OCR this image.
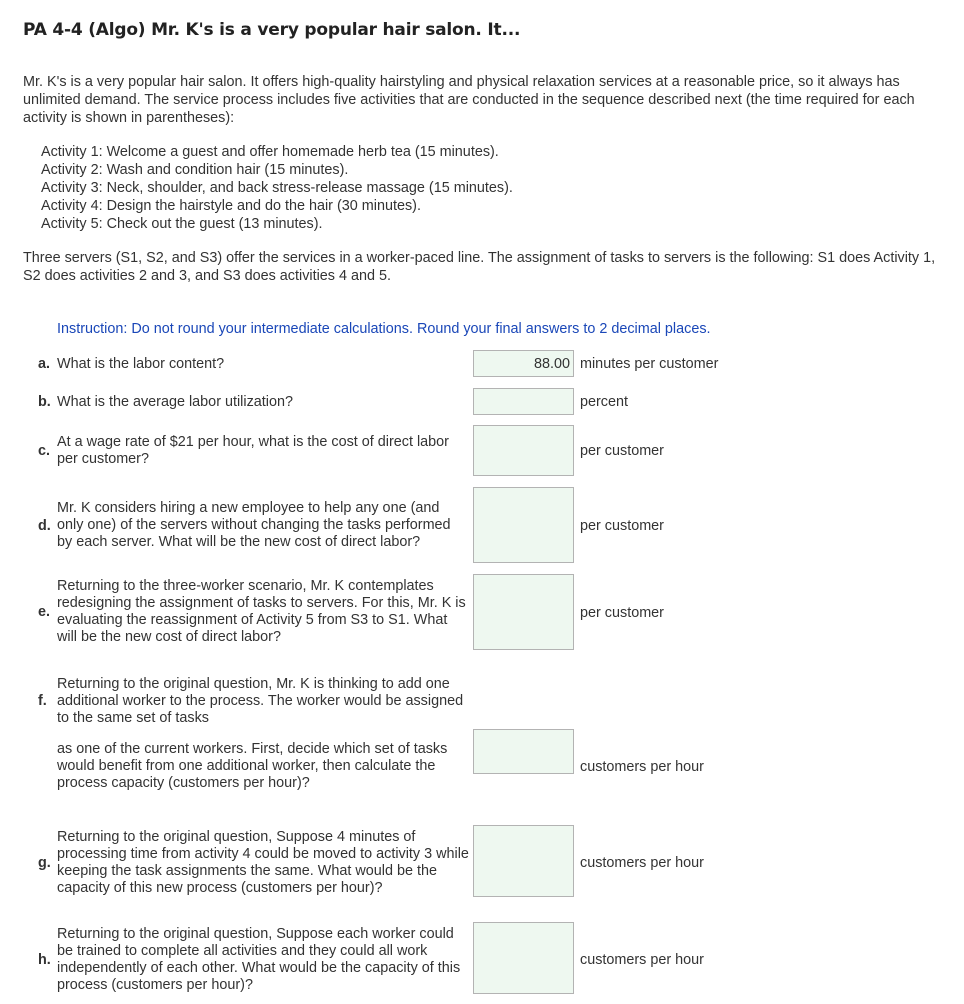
PA 4-4 (Algo) Mr. K's is a very popular hair salon. It...

Mr. K's is a very popular hair salon. It offers high-quality hairstyling and physical relaxation services at a reasonable price, so it always has unlimited demand. The service process includes five activities that are conducted in the sequence described next (the time required for each activity is shown in parentheses):

Activity 1: Welcome a guest and offer homemade herb tea (15 minutes).
Activity 2: Wash and condition hair (15 minutes).
Activity 3: Neck, shoulder, and back stress-release massage (15 minutes).
Activity 4: Design the hairstyle and do the hair (30 minutes).
Activity 5: Check out the guest (13 minutes).

Three servers (S1, S2, and S3) offer the services in a worker-paced line. The assignment of tasks to servers is the following: S1 does Activity 1, S2 does activities 2 and 3, and S3 does activities 4 and 5.

Instruction: Do not round your intermediate calculations. Round your final answers to 2 decimal places.
a. What is the labor content?
88.00	minutes per customer
b. What is the average labor utilization?	percent
c.
At a wage rate of $21 per hour, what is the cost of direct labor per customer?	per customer
d.
Mr. K considers hiring a new employee to help any one (and only one) of the servers without changing the tasks performed by each server. What will be the new cost of direct labor?
per customer
e.
Returning to the three-worker scenario, Mr. K contemplates redesigning the assignment of tasks to servers. For this, Mr. K is evaluating the reassignment of Activity 5 from S3 to S1. What will be the new cost of direct labor?
per customer
f.
Returning to the original question, Mr. K is thinking to add one additional worker to the process. The worker would be assigned to the same set of tasks
as one of the current workers. First, decide which set of tasks would benefit from one additional worker, then calculate the process capacity (customers per hour)?
customers per hour
g.
Returning to the original question, Suppose 4 minutes of processing time from activity 4 could be moved to activity 3 while keeping the task assignments the same. What would be the capacity of this new process (customers per hour)?
customers per hour
h.
Returning to the original question, Suppose each worker could be trained to complete all activities and they could all work independently of each other. What would be the capacity of this process (customers per hour)?
customers per hour
